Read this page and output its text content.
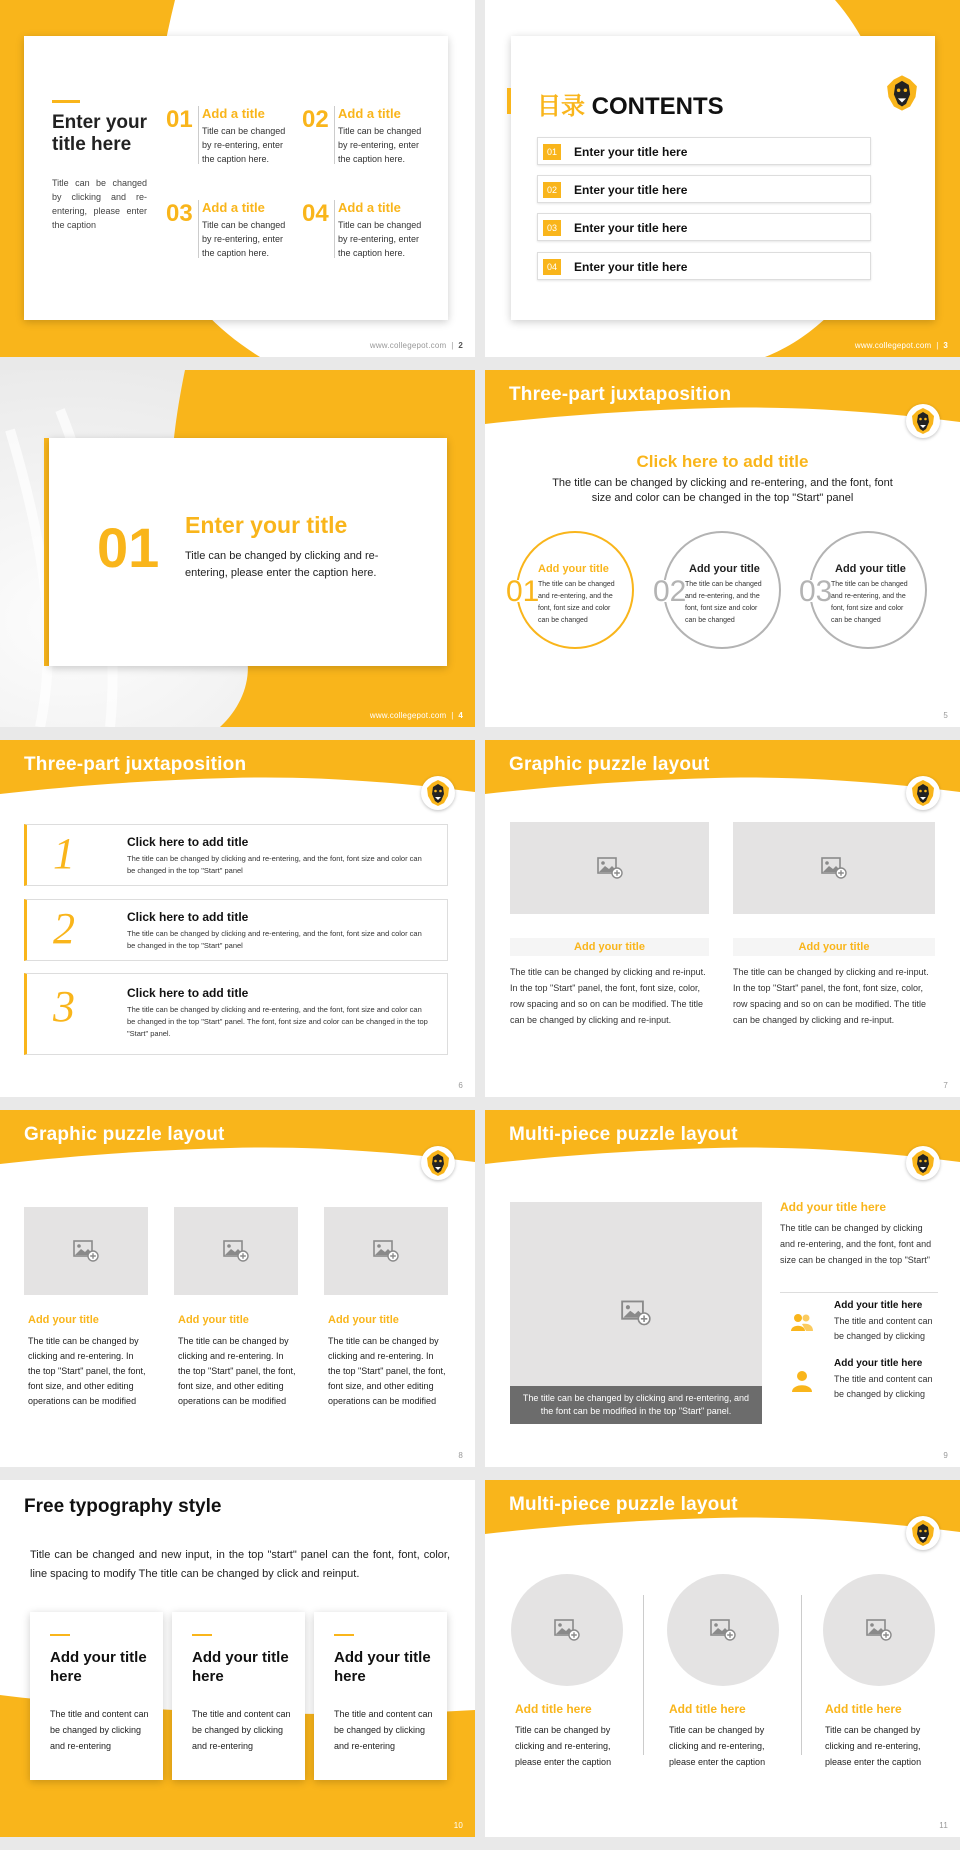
Enter your title here
Title can be changed by clicking and re-entering, please enter the caption
01 Add a title
Title can be changed by re-entering, enter the caption here.
02 Add a title
Title can be changed by re-entering, enter the caption here.
03 Add a title
Title can be changed by re-entering, enter the caption here.
04 Add a title
Title can be changed by re-entering, enter the caption here.
www.collegepot.com  |  2
目录 CONTENTS
01	Enter your title here
02	Enter your title here
03	Enter your title here
04	Enter your title here
www.collegepot.com  |  3
01 Enter your title
Title can be changed by clicking and re-entering, please enter the caption here.
www.collegepot.com  |  4
Three-part juxtaposition
Click here to add title
The title can be changed by clicking and re-entering, and the font, font size and color can be changed in the top "Start" panel
01
Add your title
The title can be changed and re-entering, and the font, font size and color can be changed
02
Add your title
The title can be changed and re-entering, and the font, font size and color can be changed
03
Add your title
The title can be changed and re-entering, and the font, font size and color can be changed
5
Three-part juxtaposition
1	Click here to add title
The title can be changed by clicking and re-entering, and the font, font size and color can be changed in the top "Start" panel
2	Click here to add title
The title can be changed by clicking and re-entering, and the font, font size and color can be changed in the top "Start" panel
3	Click here to add title
The title can be changed by clicking and re-entering, and the font, font size and color can be changed in the top "Start" panel. The font, font size and color can be changed in the top "Start" panel.
6
Graphic puzzle layout
Add your title
The title can be changed by clicking and re-input. In the top "Start" panel, the font, font size, color, row spacing and so on can be modified. The title can be changed by clicking and re-input.
Add your title
The title can be changed by clicking and re-input. In the top "Start" panel, the font, font size, color, row spacing and so on can be modified. The title can be changed by clicking and re-input.
7
Graphic puzzle layout
Add your title
The title can be changed by clicking and re-entering. In the top "Start" panel, the font, font size, and other editing operations can be modified
Add your title
The title can be changed by clicking and re-entering. In the top "Start" panel, the font, font size, and other editing operations can be modified
Add your title
The title can be changed by clicking and re-entering. In the top "Start" panel, the font, font size, and other editing operations can be modified
8
Multi-piece puzzle layout
The title can be changed by clicking and re-entering, and the font can be modified in the top "Start" panel.
Add your title here
The title can be changed by clicking and re-entering, and the font, font and size can be changed in the top "Start"
Add your title here
The title and content can be changed by clicking
Add your title here
The title and content can be changed by clicking
9
Free typography style
Title can be changed and new input, in the top "start" panel can the font, font, color, line spacing to modify The title can be changed by click and reinput.
Add your title here
The title and content can be changed by clicking and re-entering
Add your title here
The title and content can be changed by clicking and re-entering
Add your title here
The title and content can be changed by clicking and re-entering
10
Multi-piece puzzle layout
Add title here
Title can be changed by clicking and re-entering, please enter the caption
Add title here
Title can be changed by clicking and re-entering, please enter the caption
Add title here
Title can be changed by clicking and re-entering, please enter the caption
11
